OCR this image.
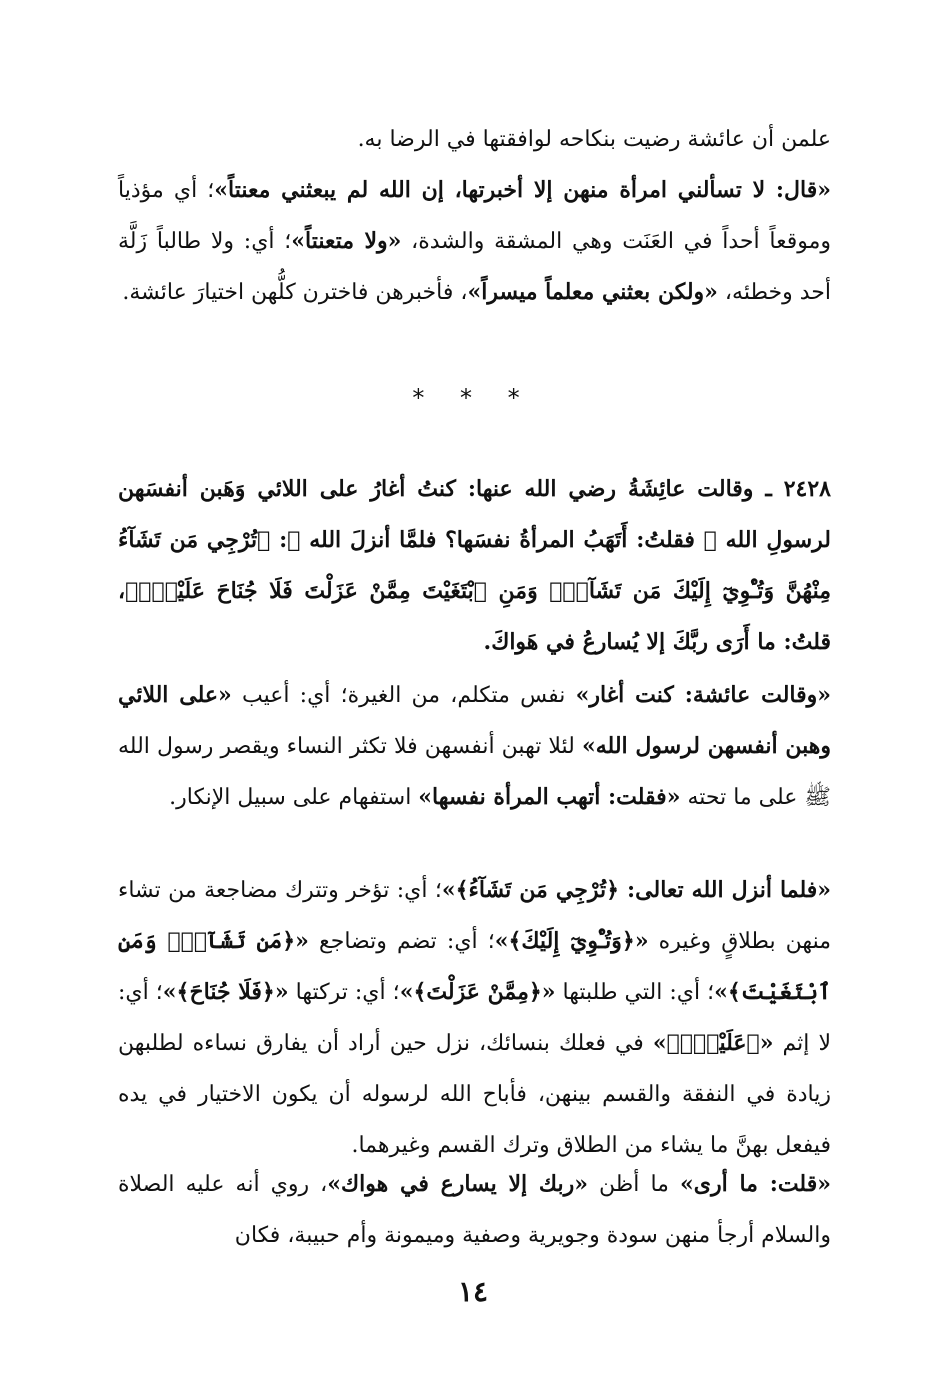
علمن أن عائشة رضيت بنكاحه لوافقتها في الرضا به.

«قال: لا تسألني امرأة منهن إلا أخبرتها، إن الله لم يبعثني معنتاً»؛ أي مؤذياً وموقعاً أحداً في العَنَت وهي المشقة والشدة، «ولا متعنتاً»؛ أي: ولا طالباً زَلَّة أحد وخطئه، «ولكن بعثني معلماً ميسراً»، فأخبرهن فاخترن كلُّهن اختيارَ عائشة.

* * *

٢٤٢٨ ـ وقالت عائِشَةُ رضي الله عنها: كنتُ أغارُ على اللائي وَهَبن أنفسَهن لرسولِ الله ﷺ فقلتُ: أَتَهَبُ المرأةُ نفسَها؟ فلمَّا أنزلَ الله ﷻ: ﴿تُرْجِي مَن تَشَآءُ مِنْهُنَّ وَتُـْٔوِيٓ إِلَيْكَ مَن تَشَآءُۖ وَمَنِ ٱبْتَغَيْتَ مِمَّنْ عَزَلْتَ فَلَا جُنَاحَ عَلَيْكَۚ﴾، قلتُ: ما أَرَى ربَّكَ إلا يُسارعُ في هَواكَ.

«وقالت عائشة: كنت أغار» نفس متكلم، من الغيرة؛ أي: أعيب «على اللائي وهبن أنفسهن لرسول الله» لئلا تهبن أنفسهن فلا تكثر النساء ويقصر رسول الله ﷺ على ما تحته «فقلت: أتهب المرأة نفسها» استفهام على سبيل الإنكار.

«فلما أنزل الله تعالى: ﴿تُرْجِي مَن تَشَآءُ﴾»؛ أي: تؤخر وتترك مضاجعة من تشاء منهن بطلاقٍ وغيره «﴿وَتُـْٔوِيٓ إِلَيْكَ﴾»؛ أي: تضم وتضاجع «﴿مَن تَشَآءُۖ وَمَنِ ٱبْتَغَيْتَ﴾»؛ أي: التي طلبتها «﴿مِمَّنْ عَزَلْتَ﴾»؛ أي: تركتها «﴿فَلَا جُنَاحَ﴾»؛ أي: لا إثم «﴿عَلَيْكَۚ﴾» في فعلك بنسائك، نزل حين أراد أن يفارق نساءه لطلبهن زيادة في النفقة والقسم بينهن، فأباح الله لرسوله أن يكون الاختيار في يده فيفعل بهنَّ ما يشاء من الطلاق وترك القسم وغيرهما.

«قلت: ما أرى» ما أظن «ربك إلا يسارع في هواك»، روي أنه عليه الصلاة والسلام أرجأ منهن سودة وجويرية وصفية وميمونة وأم حبيبة، فكان

١٤
